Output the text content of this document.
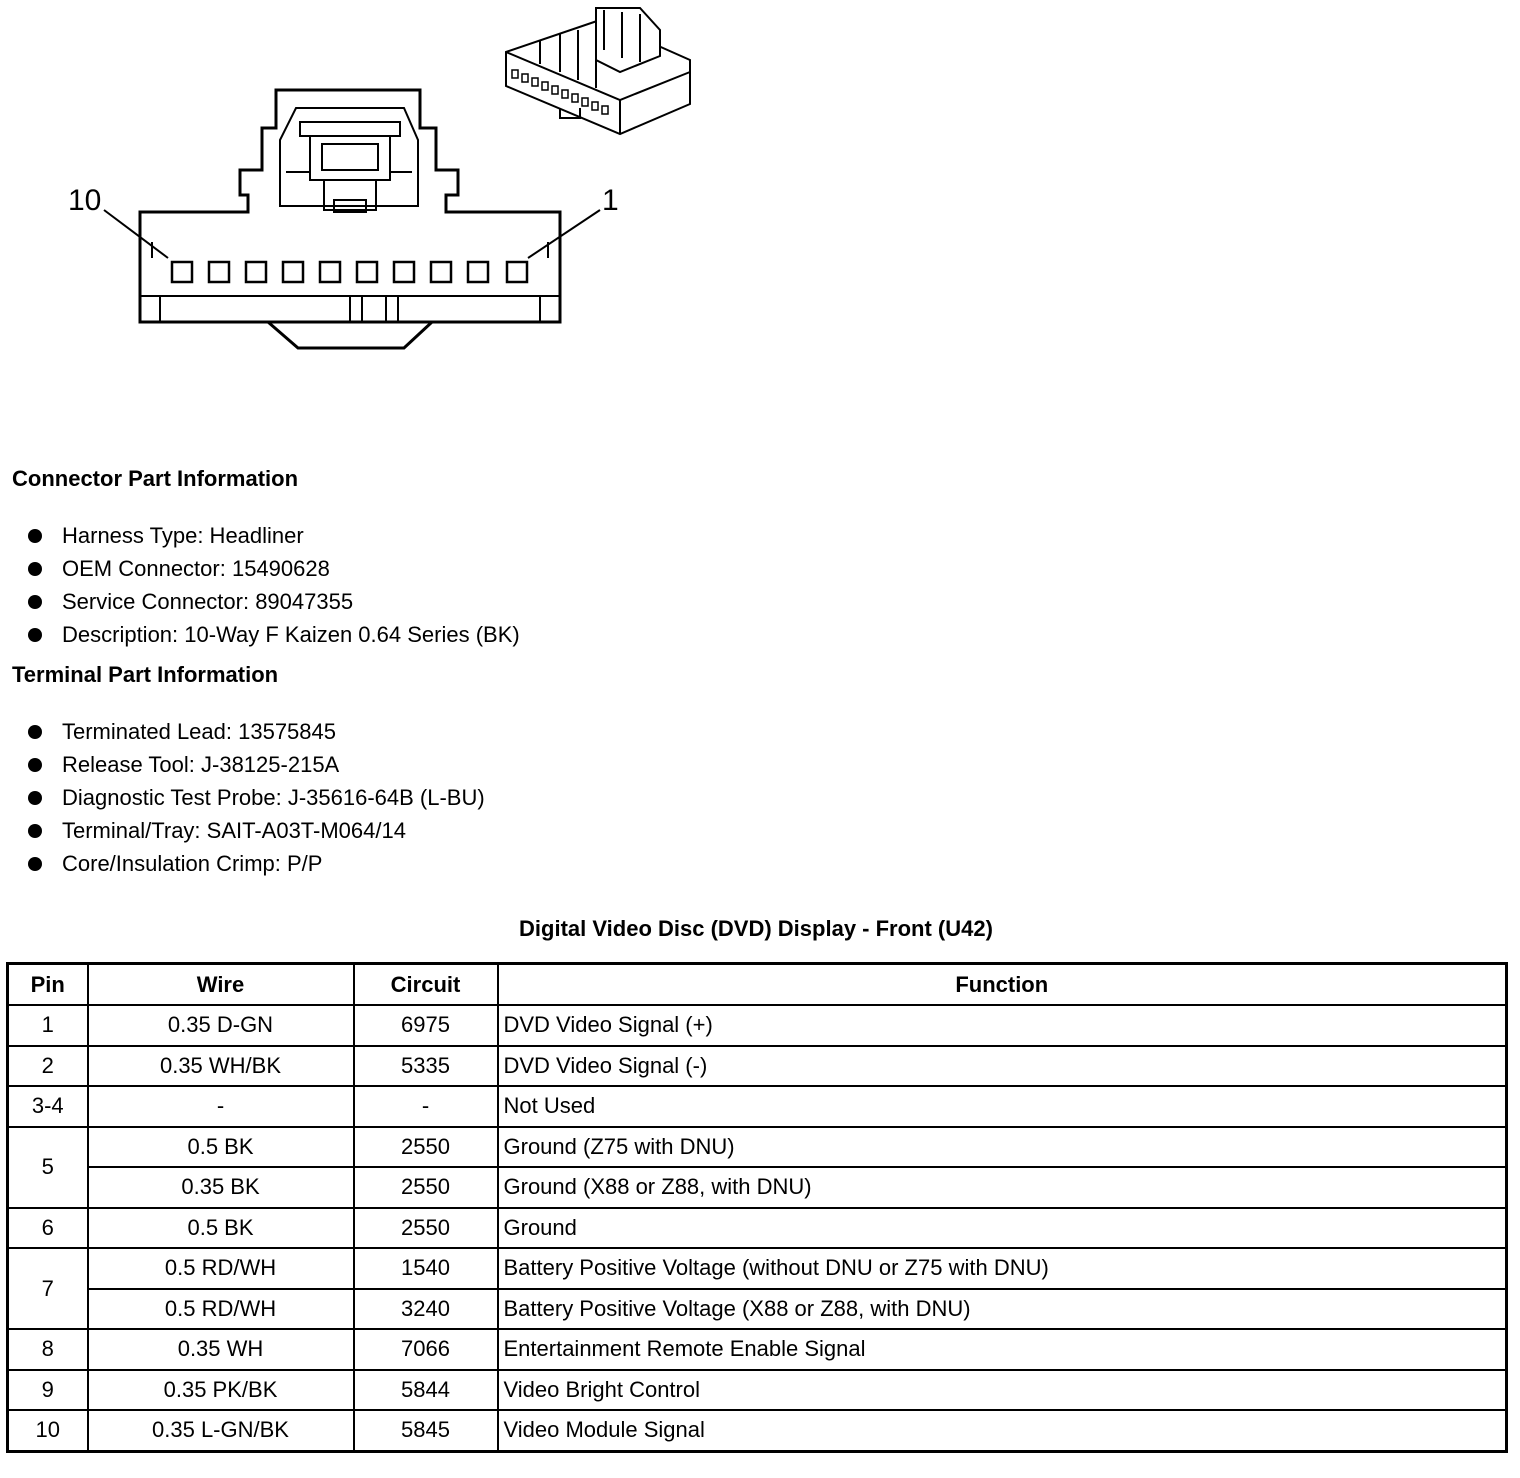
10	1
Connector Part Information
Harness Type: Headliner
OEM Connector: 15490628
Service Connector: 89047355
Description: 10-Way F Kaizen 0.64 Series (BK)
Terminal Part Information
Terminated Lead: 13575845
Release Tool: J-38125-215A
Diagnostic Test Probe: J-35616-64B (L-BU)
Terminal/Tray: SAIT-A03T-M064/14
Core/Insulation Crimp: P/P
Digital Video Disc (DVD) Display - Front (U42)
Pin	Wire	Circuit	Function
1	0.35 D-GN	6975	DVD Video Signal (+)
2	0.35 WH/BK	5335	DVD Video Signal (-)
3-4	-	-	Not Used
5	0.5 BK	2550	Ground (Z75 with DNU)
	0.35 BK	2550	Ground (X88 or Z88, with DNU)
6	0.5 BK	2550	Ground
7	0.5 RD/WH	1540	Battery Positive Voltage (without DNU or Z75 with DNU)
	0.5 RD/WH	3240	Battery Positive Voltage (X88 or Z88, with DNU)
8	0.35 WH	7066	Entertainment Remote Enable Signal
9	0.35 PK/BK	5844	Video Bright Control
10	0.35 L-GN/BK	5845	Video Module Signal
